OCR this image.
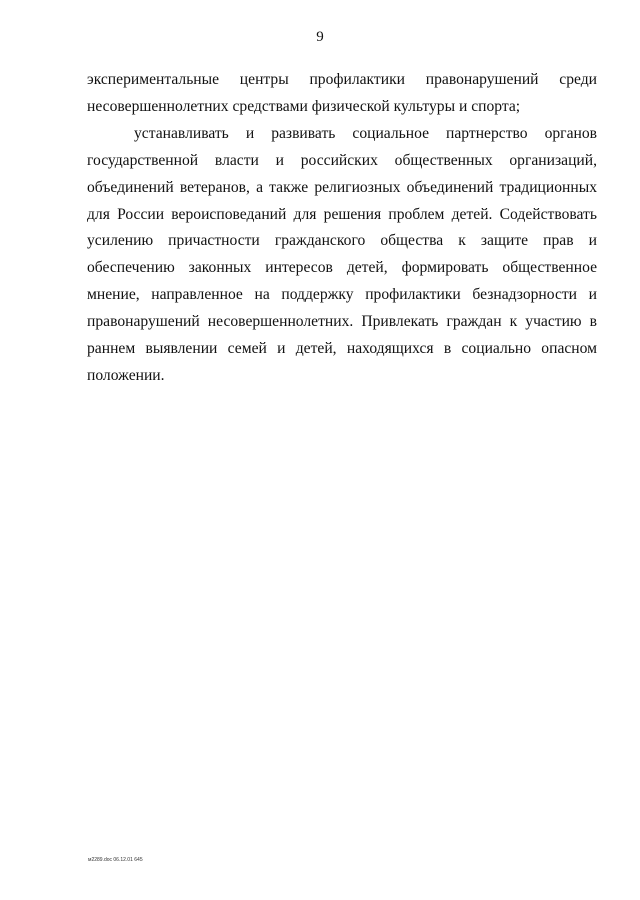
9

экспериментальные центры профилактики правонарушений среди несовершеннолетних средствами физической культуры и спорта;

устанавливать и развивать социальное партнерство органов государственной власти и российских общественных организаций, объединений ветеранов, а также религиозных объединений традиционных для России вероисповеданий для решения проблем детей. Содействовать усилению причастности гражданского общества к защите прав и обеспечению законных интересов детей, формировать общественное мнение, направленное на поддержку профилактики безнадзорности и правонарушений несовершеннолетних. Привлекать граждан к участию в раннем выявлении семей и детей, находящихся в социально опасном положении.

м2289.doc 06.12.01 645
